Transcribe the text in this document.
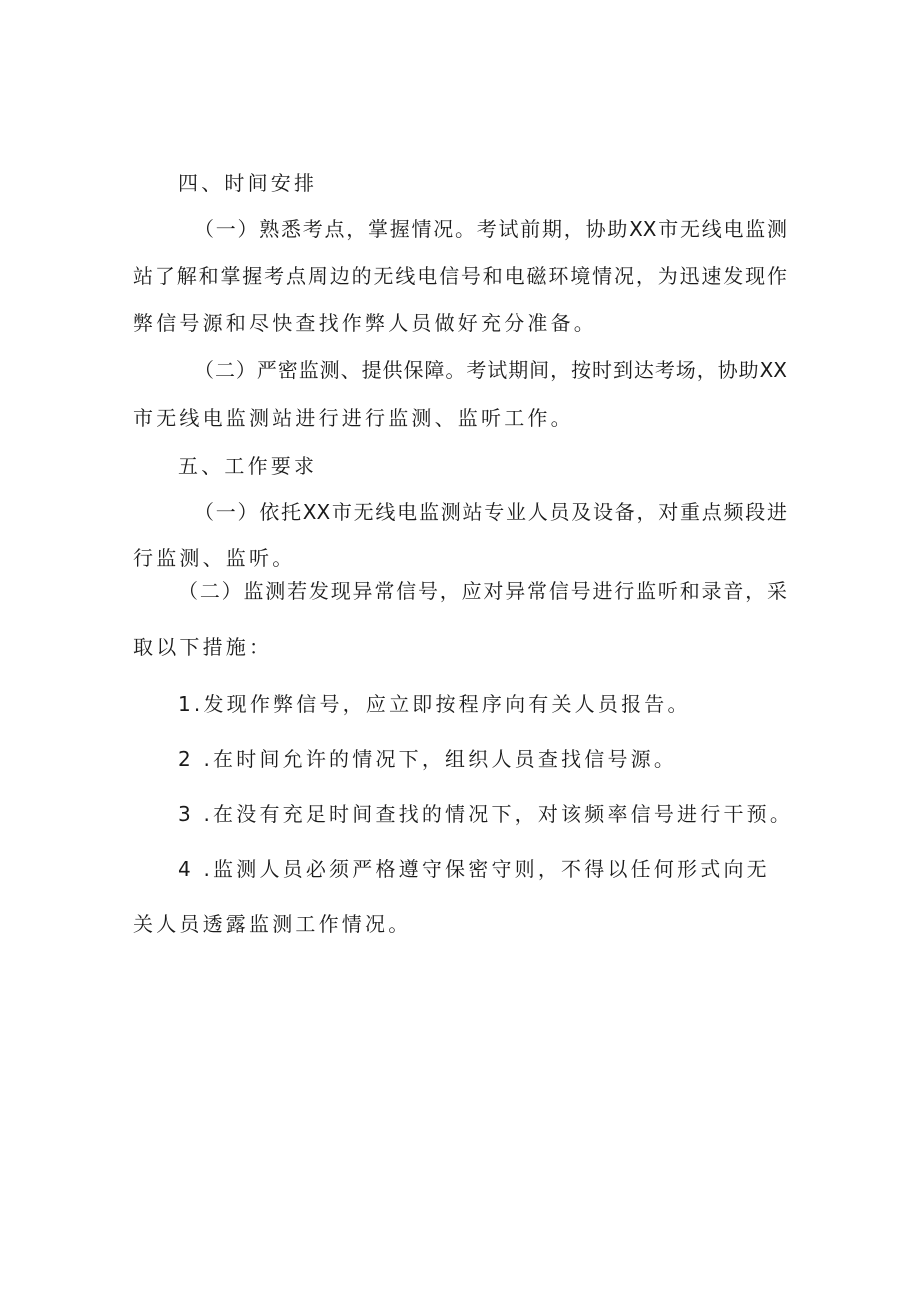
四、时间安排
（一）熟悉考点，掌握情况。考试前期，协助XX市无线电监测
站了解和掌握考点周边的无线电信号和电磁环境情况，为迅速发现作
弊信号源和尽快查找作弊人员做好充分准备。
（二）严密监测、提供保障。考试期间，按时到达考场，协助XX
市无线电监测站进行进行监测、监听工作。
五、工作要求
（一）依托XX市无线电监测站专业人员及设备，对重点频段进
行监测、监听。
（二）监测若发现异常信号，应对异常信号进行监听和录音，采
取以下措施：
1.发现作弊信号，应立即按程序向有关人员报告。
2 .在时间允许的情况下，组织人员查找信号源。
3 .在没有充足时间查找的情况下，对该频率信号进行干预。
4 .监测人员必须严格遵守保密守则，不得以任何形式向无
关人员透露监测工作情况。
